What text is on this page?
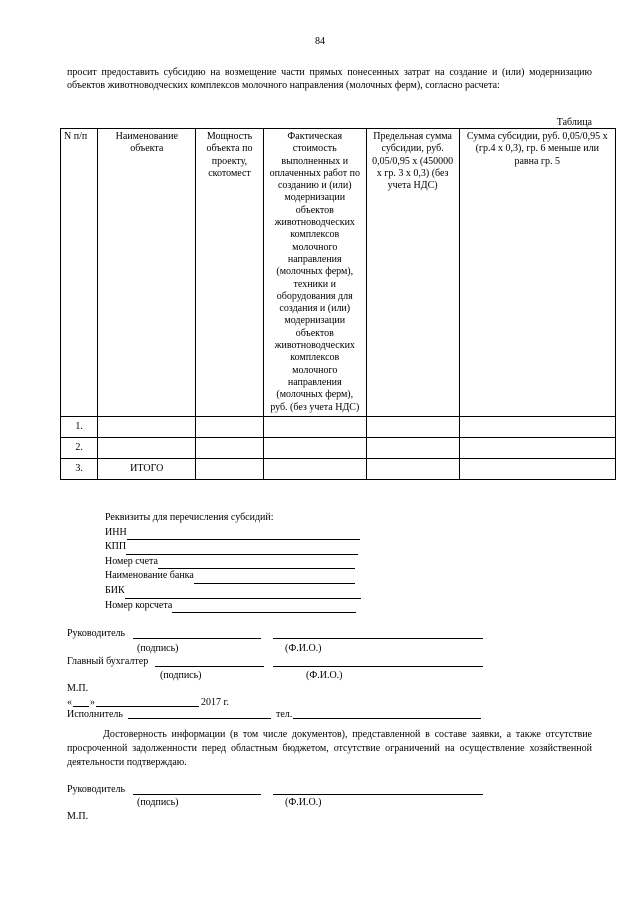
84
просит предоставить субсидию на возмещение части прямых понесенных затрат на создание и (или) модернизацию объектов животноводческих комплексов молочного направления (молочных ферм), согласно расчета:
Таблица
N п/п	Наименование объекта	Мощность объекта по проекту, скотомест	Фактическая стоимость выполненных и оплаченных работ по созданию и (или) модернизации объектов животноводческих комплексов молочного направления (молочных ферм), техники и оборудования для создания и (или) модернизации объектов животноводческих комплексов молочного направления (молочных ферм), руб. (без учета НДС)	Предельная сумма субсидии, руб. 0,05/0,95 x (450000 x гр. 3 x 0,3) (без учета НДС)	Сумма субсидии, руб. 0,05/0,95 x (гр.4 x 0,3), гр. 6 меньше или равна гр. 5
1.					
2.					
3.	ИТОГО				
Реквизиты для перечисления субсидий:
ИНН
КПП
Номер счета
Наименование банка
БИК
Номер корсчета
Руководитель
(подпись)	(Ф.И.О.)
Главный бухгалтер
(подпись)	(Ф.И.О.)
М.П.
« »	2017 г.
Исполнитель	тел.
Достоверность информации (в том числе документов), представленной в составе заявки, а также отсутствие просроченной задолженности перед областным бюджетом, отсутствие ограничений на осуществление хозяйственной деятельности подтверждаю.
Руководитель
(подпись)	(Ф.И.О.)
М.П.
